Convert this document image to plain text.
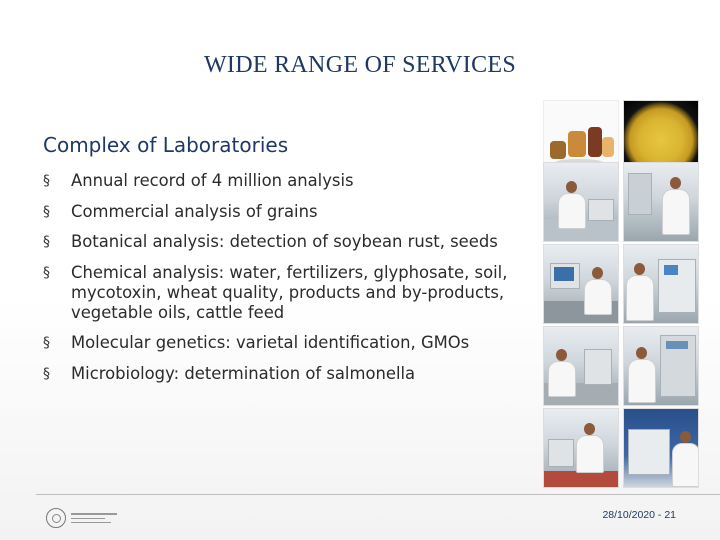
WIDE RANGE OF SERVICES
Complex of Laboratories
§ Annual record of 4 million analysis
§ Commercial analysis of grains
§ Botanical analysis: detection of soybean rust, seeds
§ Chemical analysis: water, fertilizers, glyphosate, soil, mycotoxin, wheat quality, products and by-products, vegetable oils, cattle feed
§ Molecular genetics: varietal identification, GMOs
§ Microbiology: determination of salmonella
28/10/2020 - 21
